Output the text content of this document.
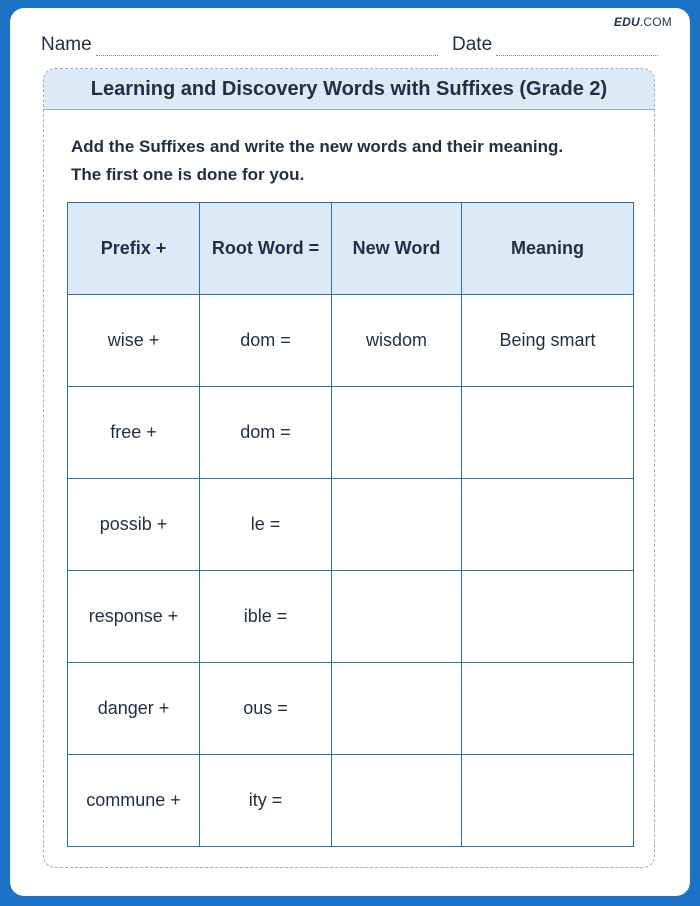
EDU.COM
Name	Date
Learning and Discovery Words with Suffixes (Grade 2)
Add the Suffixes and write the new words and their meaning.
The first one is done for you.
Prefix +	Root Word =	New Word	Meaning
wise +	dom =	wisdom	Being smart
free +	dom =		
possib +	le =		
response +	ible =		
danger +	ous =		
commune +	ity =		
